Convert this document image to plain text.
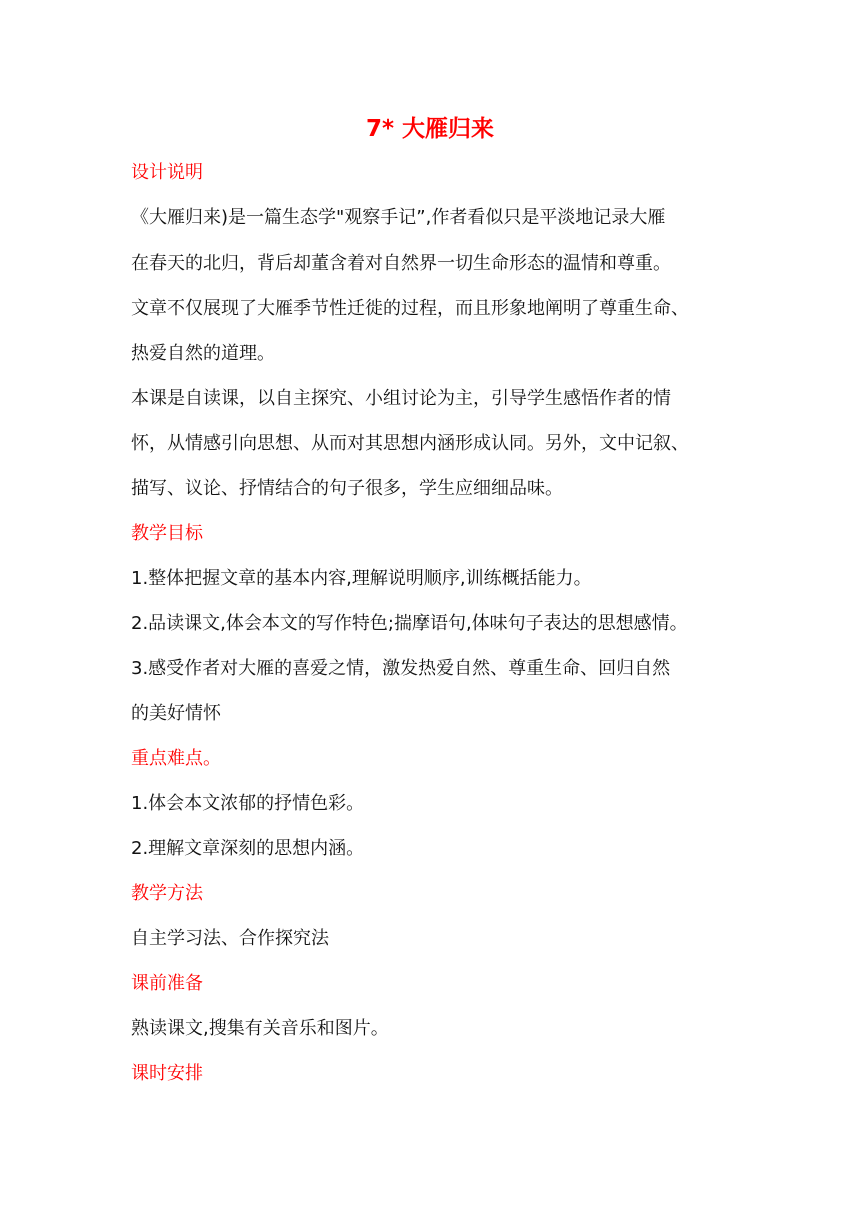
7* 大雁归来
设计说明
《大雁归来)是一篇生态学"观察手记”,作者看似只是平淡地记录大雁
在春天的北归，背后却董含着对自然界一切生命形态的温情和尊重。
文章不仅展现了大雁季节性迁徙的过程，而且形象地阐明了尊重生命、
热爱自然的道理。
本课是自读课，以自主探究、小组讨论为主，引导学生感悟作者的情
怀，从情感引向思想、从而对其思想内涵形成认同。另外，文中记叙、
描写、议论、抒情结合的句子很多，学生应细细品味。
教学目标
1.整体把握文章的基本内容,理解说明顺序,训练概括能力。
2.品读课文,体会本文的写作特色;揣摩语句,体味句子表达的思想感情。
3.感受作者对大雁的喜爱之情，激发热爱自然、尊重生命、回归自然
的美好情怀
重点难点。
1.体会本文浓郁的抒情色彩。
2.理解文章深刻的思想内涵。
教学方法
自主学习法、合作探究法
课前准备
熟读课文,搜集有关音乐和图片。
课时安排
